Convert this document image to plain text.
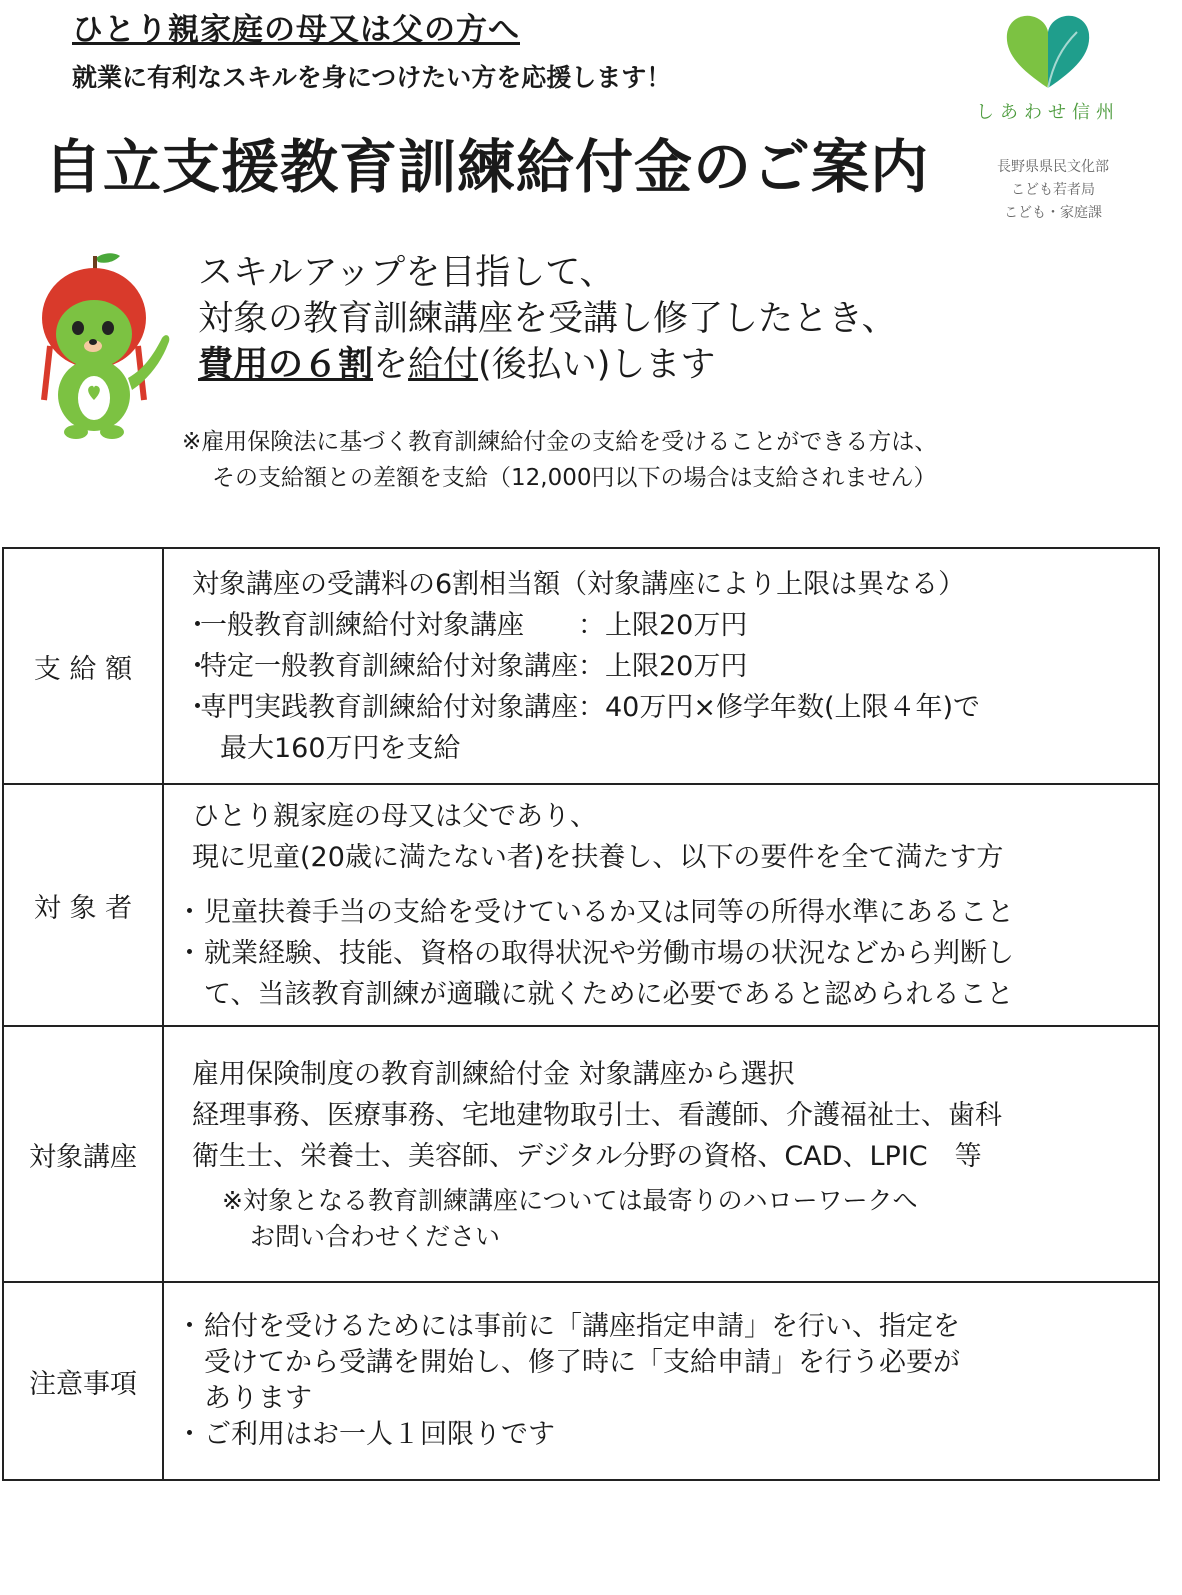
ひとり親家庭の母又は父の方へ
就業に有利なスキルを身につけたい方を応援します！
自立支援教育訓練給付金のご案内
しあわせ信州
長野県県民文化部
こども若者局
こども・家庭課
スキルアップを目指して、
対象の教育訓練講座を受講し修了したとき、
費用の６割を給付(後払い)します
※雇用保険法に基づく教育訓練給付金の支給を受けることができる方は、
その支給額との差額を支給（12,000円以下の場合は支給されません）
支 給 額	対象講座の受講料の6割相当額（対象講座により上限は異なる）
・ 一般教育訓練給付対象講座　　：上限20万円
・ 特定一般教育訓練給付対象講座：上限20万円
・ 専門実践教育訓練給付対象講座：40万円×修学年数(上限４年)で
最大160万円を支給

対 象 者	ひとり親家庭の母又は父であり、
現に児童(20歳に満たない者)を扶養し、以下の要件を全て満たす方
・ 児童扶養手当の支給を受けているか又は同等の所得水準にあること
・ 就業経験、技能、資格の取得状況や労働市場の状況などから判断し
て、当該教育訓練が適職に就くために必要であると認められること

対象講座	雇用保険制度の教育訓練給付金 対象講座から選択
経理事務、医療事務、宅地建物取引士、看護師、介護福祉士、歯科
衛生士、栄養士、美容師、デジタル分野の資格、CAD、LPIC　等
※対象となる教育訓練講座については最寄りのハローワークへ
お問い合わせください

注意事項	・ 給付を受けるためには事前に「講座指定申請」を行い、指定を
受けてから受講を開始し、修了時に「支給申請」を行う必要が
あります
・ ご利用はお一人１回限りです
